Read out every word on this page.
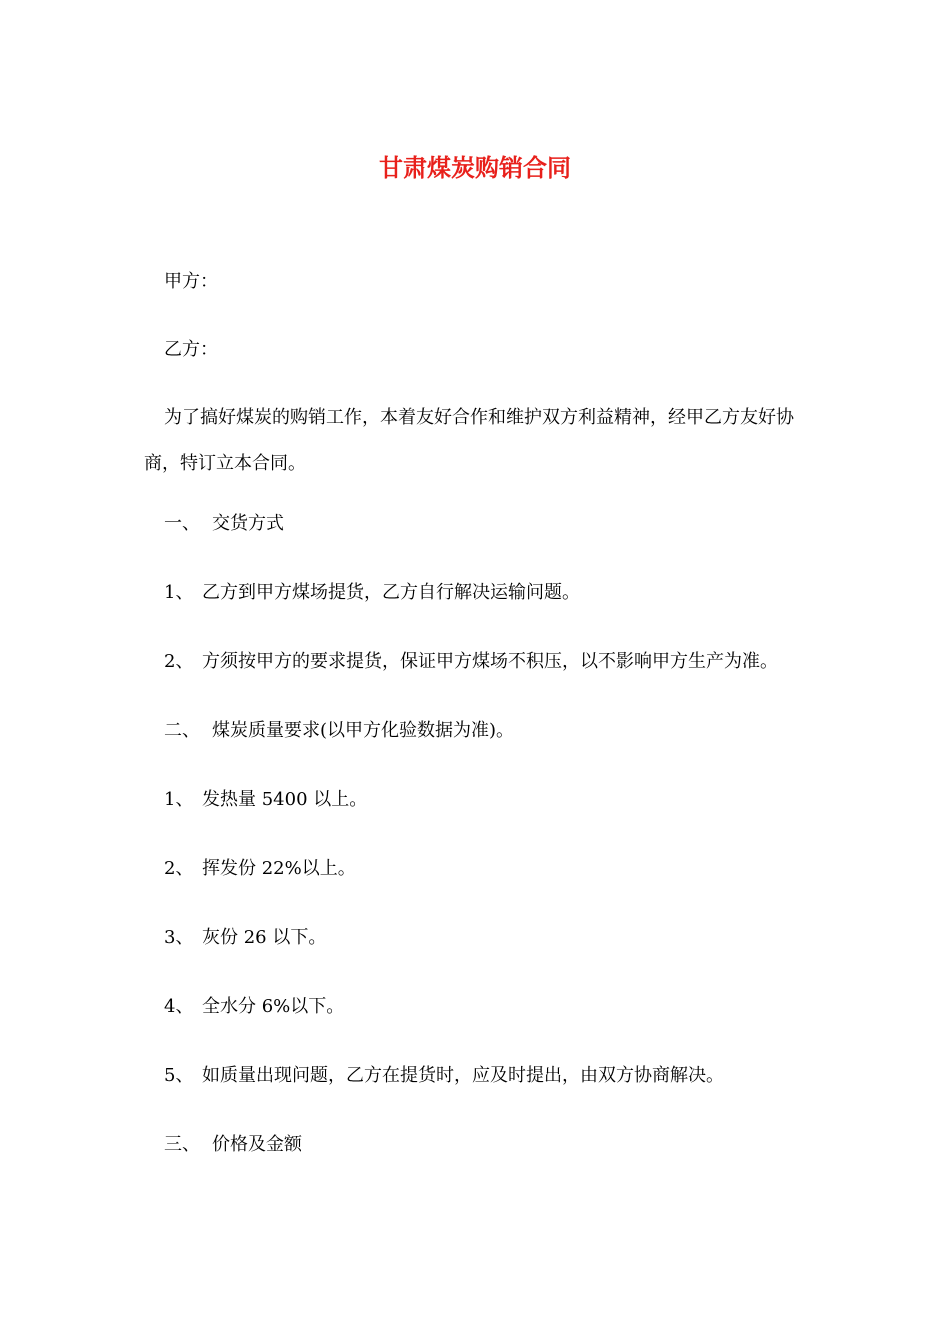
甘肃煤炭购销合同

甲方：

乙方：

为了搞好煤炭的购销工作，本着友好合作和维护双方利益精神，经甲乙方友好协商，特订立本合同。

一、 交货方式

1、 乙方到甲方煤场提货，乙方自行解决运输问题。

2、 方须按甲方的要求提货，保证甲方煤场不积压，以不影响甲方生产为准。

二、 煤炭质量要求(以甲方化验数据为准)。

1、 发热量 5400 以上。

2、 挥发份 22%以上。

3、 灰份 26 以下。

4、 全水分 6%以下。

5、 如质量出现问题，乙方在提货时，应及时提出，由双方协商解决。

三、 价格及金额
